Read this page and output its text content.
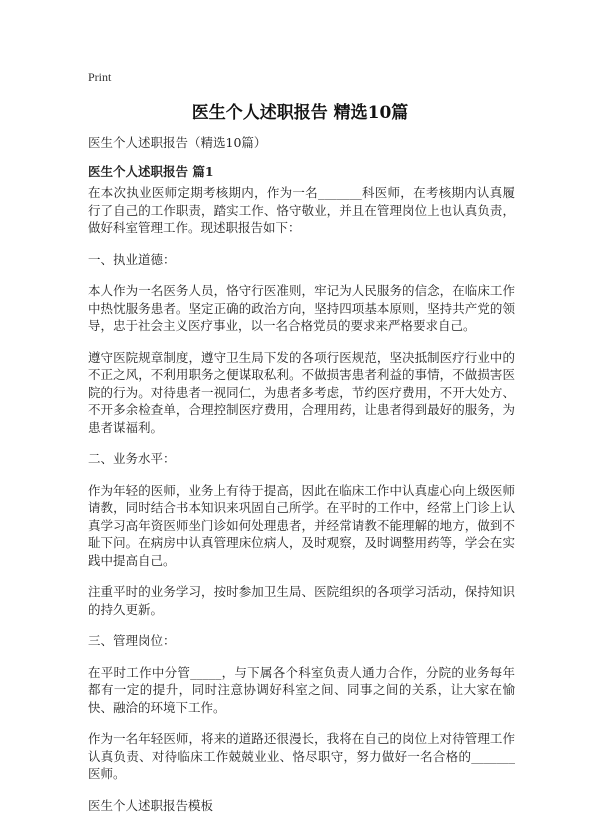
Print
医生个人述职报告 精选10篇
医生个人述职报告（精选10篇）
医生个人述职报告 篇1

在本次执业医师定期考核期内，作为一名_______科医师，在考核期内认真履行了自己的工作职责，踏实工作、恪守敬业，并且在管理岗位上也认真负责，做好科室管理工作。现述职报告如下：

一、执业道德：

本人作为一名医务人员，恪守行医准则，牢记为人民服务的信念，在临床工作中热忱服务患者。坚定正确的政治方向，坚持四项基本原则，坚持共产党的领导，忠于社会主义医疗事业，以一名合格党员的要求来严格要求自己。

遵守医院规章制度，遵守卫生局下发的各项行医规范，坚决抵制医疗行业中的不正之风，不利用职务之便谋取私利。不做损害患者利益的事情，不做损害医院的行为。对待患者一视同仁，为患者多考虑，节约医疗费用，不开大处方、不开多余检查单，合理控制医疗费用，合理用药，让患者得到最好的服务，为患者谋福利。

二、业务水平：

作为年轻的医师，业务上有待于提高，因此在临床工作中认真虚心向上级医师请教，同时结合书本知识来巩固自己所学。在平时的工作中，经常上门诊上认真学习高年资医师坐门诊如何处理患者，并经常请教不能理解的地方，做到不耻下问。在病房中认真管理床位病人，及时观察，及时调整用药等，学会在实践中提高自己。

注重平时的业务学习，按时参加卫生局、医院组织的各项学习活动，保持知识的持久更新。

三、管理岗位：

在平时工作中分管_____，与下属各个科室负责人通力合作，分院的业务每年都有一定的提升，同时注意协调好科室之间、同事之间的关系，让大家在愉快、融洽的环境下工作。

作为一名年轻医师，将来的道路还很漫长，我将在自己的岗位上对待管理工作认真负责、对待临床工作兢兢业业、恪尽职守，努力做好一名合格的_______医师。

医生个人述职报告模板
